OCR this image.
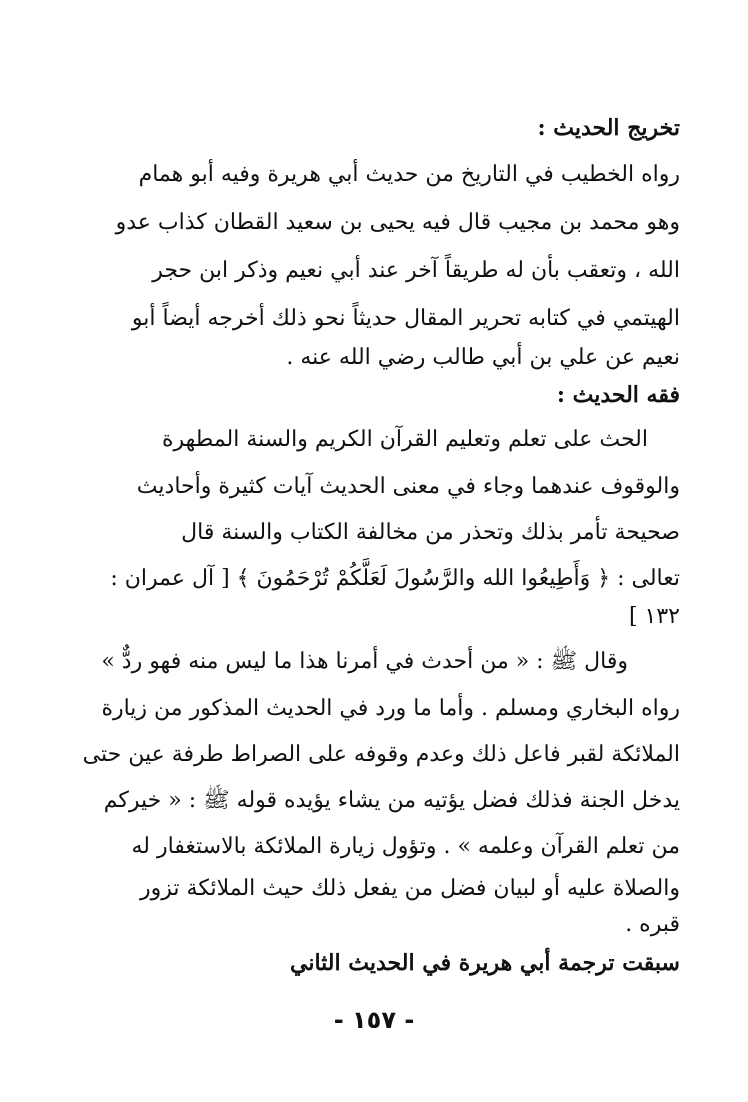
تخريج الحديث :
رواه الخطيب في التاريخ من حديث أبي هريرة وفيه أبو همام
وهو محمد بن مجيب قال فيه يحيى بن سعيد القطان كذاب عدو
الله ، وتعقب بأن له طريقاً آخر عند أبي نعيم وذكر ابن حجر
الهيتمي في كتابه تحرير المقال حديثاً نحو ذلك أخرجه أيضاً أبو
نعيم عن علي بن أبي طالب رضي الله عنه .
فقه الحديث :
الحث على تعلم وتعليم القرآن الكريم والسنة المطهرة
والوقوف عندهما وجاء في معنى الحديث آيات كثيرة وأحاديث
صحيحة تأمر بذلك وتحذر من مخالفة الكتاب والسنة قال
تعالى : ﴿ وَأَطِيعُوا الله والرَّسُولَ لَعَلَّكُمْ تُرْحَمُونَ ﴾ [ آل عمران :
١٣٢ ]
وقال ﷺ : « من أحدث في أمرنا هذا ما ليس منه فهو ردٌّ »
رواه البخاري ومسلم . وأما ما ورد في الحديث المذكور من زيارة
الملائكة لقبر فاعل ذلك وعدم وقوفه على الصراط طرفة عين حتى
يدخل الجنة فذلك فضل يؤتيه من يشاء يؤيده قوله ﷺ : « خيركم
من تعلم القرآن وعلمه » . وتؤول زيارة الملائكة بالاستغفار له
والصلاة عليه أو لبيان فضل من يفعل ذلك حيث الملائكة تزور
قبره .
سبقت ترجمة أبي هريرة في الحديث الثاني
- ١٥٧ -
